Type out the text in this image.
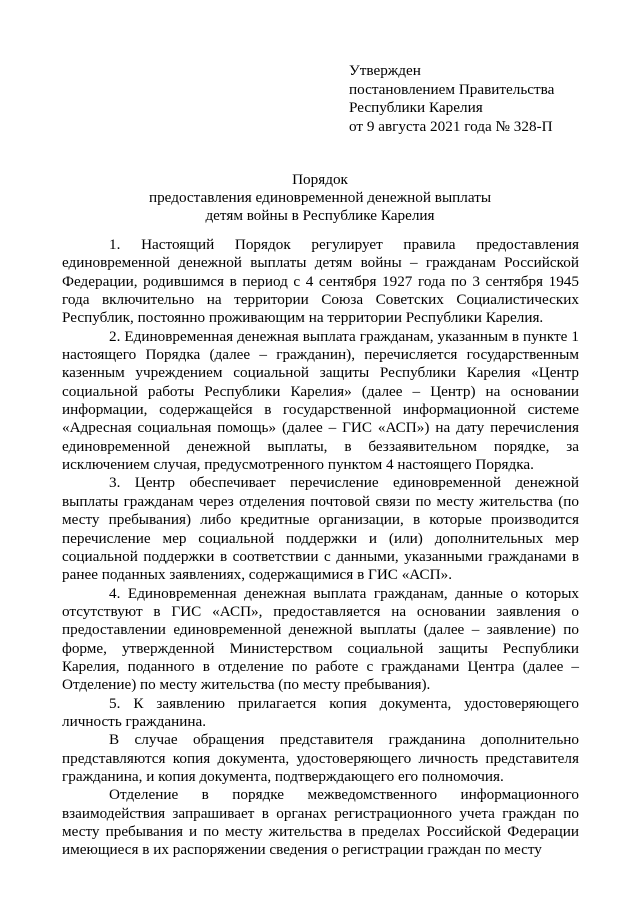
Утвержден
постановлением Правительства
Республики Карелия
от 9 августа 2021 года № 328-П
Порядок
предоставления единовременной денежной выплаты
детям войны в Республике Карелия

1. Настоящий Порядок регулирует правила предоставления единовременной денежной выплаты детям войны – гражданам Российской Федерации, родившимся в период с 4 сентября 1927 года по 3 сентября 1945 года включительно на территории Союза Советских Социалистических Республик, постоянно проживающим на территории Республики Карелия.

2. Единовременная денежная выплата гражданам, указанным в пункте 1 настоящего Порядка (далее – гражданин), перечисляется государственным казенным учреждением социальной защиты Республики Карелия «Центр социальной работы Республики Карелия» (далее – Центр) на основании информации, содержащейся в государственной информационной системе «Адресная социальная помощь» (далее – ГИС «АСП») на дату перечисления единовременной денежной выплаты, в беззаявительном порядке, за исключением случая, предусмотренного пунктом 4 настоящего Порядка.

3. Центр обеспечивает перечисление единовременной денежной выплаты гражданам через отделения почтовой связи по месту жительства (по месту пребывания) либо кредитные организации, в которые производится перечисление мер социальной поддержки и (или) дополнительных мер социальной поддержки в соответствии с данными, указанными гражданами в ранее поданных заявлениях, содержащимися в ГИС «АСП».

4. Единовременная денежная выплата гражданам, данные о которых отсутствуют в ГИС «АСП», предоставляется на основании заявления о предоставлении единовременной денежной выплаты (далее – заявление) по форме, утвержденной Министерством социальной защиты Республики Карелия, поданного в отделение по работе с гражданами Центра (далее – Отделение) по месту жительства (по месту пребывания).

5. К заявлению прилагается копия документа, удостоверяющего личность гражданина.

В случае обращения представителя гражданина дополнительно представляются копия документа, удостоверяющего личность представителя гражданина, и копия документа, подтверждающего его полномочия.

Отделение в порядке межведомственного информационного взаимодействия запрашивает в органах регистрационного учета граждан по месту пребывания и по месту жительства в пределах Российской Федерации имеющиеся в их распоряжении сведения о регистрации граждан по месту
